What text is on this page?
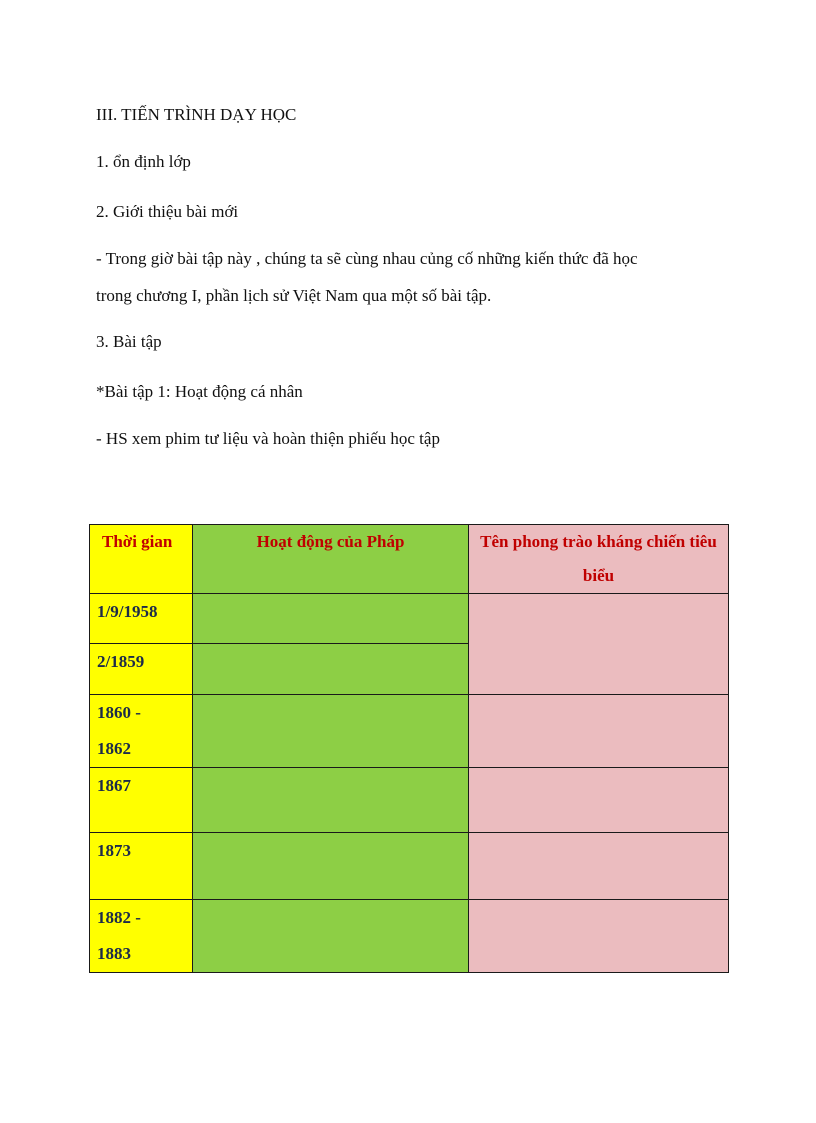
III. TIẾN TRÌNH DẠY HỌC

1. ổn định lớp

2. Giới thiệu bài mới

- Trong giờ bài tập này , chúng ta sẽ cùng nhau củng cố những kiến thức đã học

trong chương I, phần lịch sử Việt Nam qua một số bài tập.

3. Bài tập

*Bài tập 1: Hoạt động cá nhân

- HS xem phim tư liệu và hoàn thiện phiếu học tập

Thời gian	Hoạt động của Pháp	Tên phong trào kháng chiến tiêu biểu

1/9/1958		

2/1859		

1860 -
1862		

1867		

1873		

1882 -
1883		
